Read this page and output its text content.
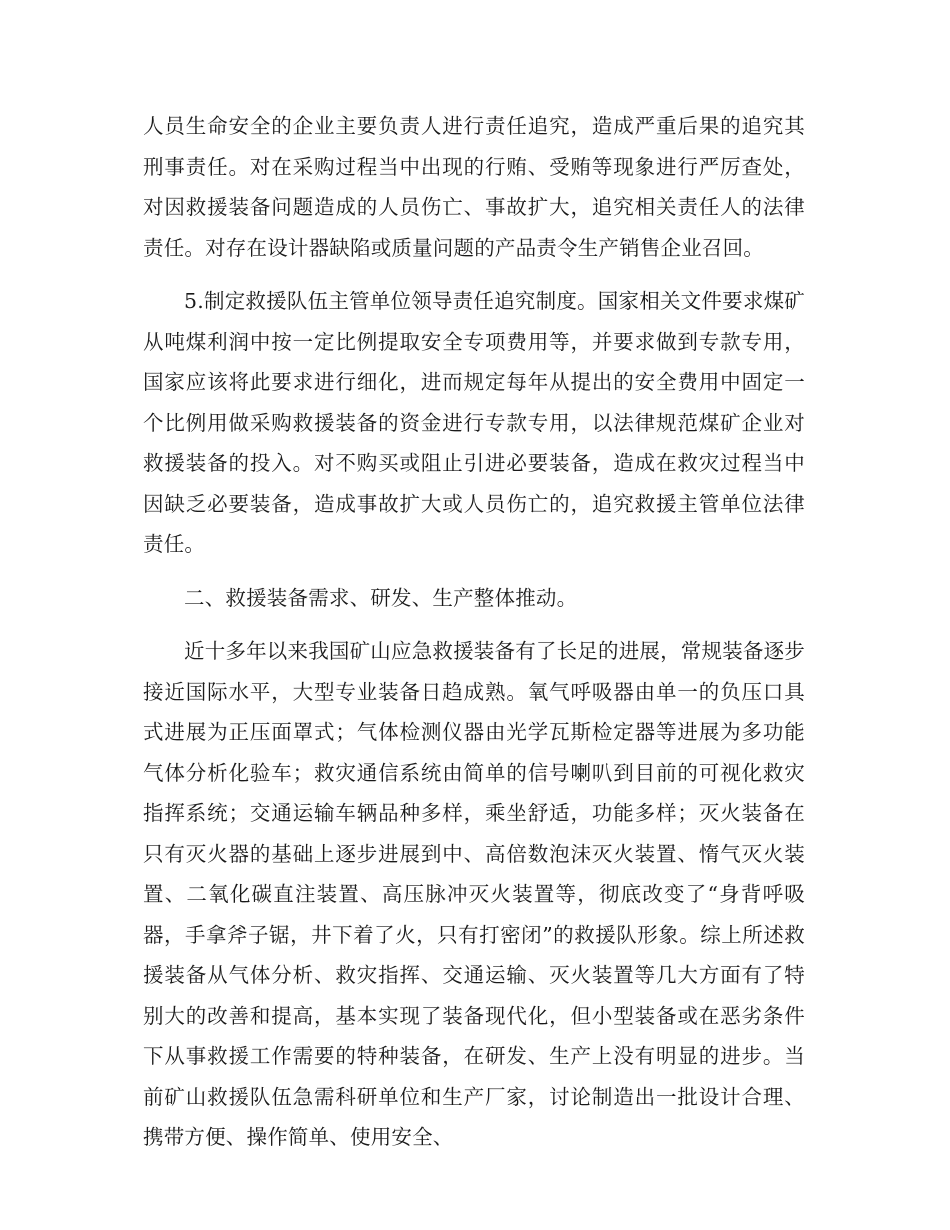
人员生命安全的企业主要负责人进行责任追究，造成严重后果的追究其刑事责任。对在采购过程当中出现的行贿、受贿等现象进行严厉查处，对因救援装备问题造成的人员伤亡、事故扩大，追究相关责任人的法律责任。对存在设计器缺陷或质量问题的产品责令生产销售企业召回。

5.制定救援队伍主管单位领导责任追究制度。国家相关文件要求煤矿从吨煤利润中按一定比例提取安全专项费用等，并要求做到专款专用，国家应该将此要求进行细化，进而规定每年从提出的安全费用中固定一个比例用做采购救援装备的资金进行专款专用，以法律规范煤矿企业对救援装备的投入。对不购买或阻止引进必要装备，造成在救灾过程当中因缺乏必要装备，造成事故扩大或人员伤亡的，追究救援主管单位法律责任。

二、救援装备需求、研发、生产整体推动。

近十多年以来我国矿山应急救援装备有了长足的进展，常规装备逐步接近国际水平，大型专业装备日趋成熟。氧气呼吸器由单一的负压口具式进展为正压面罩式；气体检测仪器由光学瓦斯检定器等进展为多功能气体分析化验车；救灾通信系统由简单的信号喇叭到目前的可视化救灾指挥系统；交通运输车辆品种多样，乘坐舒适，功能多样；灭火装备在只有灭火器的基础上逐步进展到中、高倍数泡沫灭火装置、惰气灭火装置、二氧化碳直注装置、高压脉冲灭火装置等，彻底改变了“身背呼吸器，手拿斧子锯，井下着了火，只有打密闭”的救援队形象。综上所述救援装备从气体分析、救灾指挥、交通运输、灭火装置等几大方面有了特别大的改善和提高，基本实现了装备现代化，但小型装备或在恶劣条件下从事救援工作需要的特种装备，在研发、生产上没有明显的进步。当前矿山救援队伍急需科研单位和生产厂家，讨论制造出一批设计合理、携带方便、操作简单、使用安全、
